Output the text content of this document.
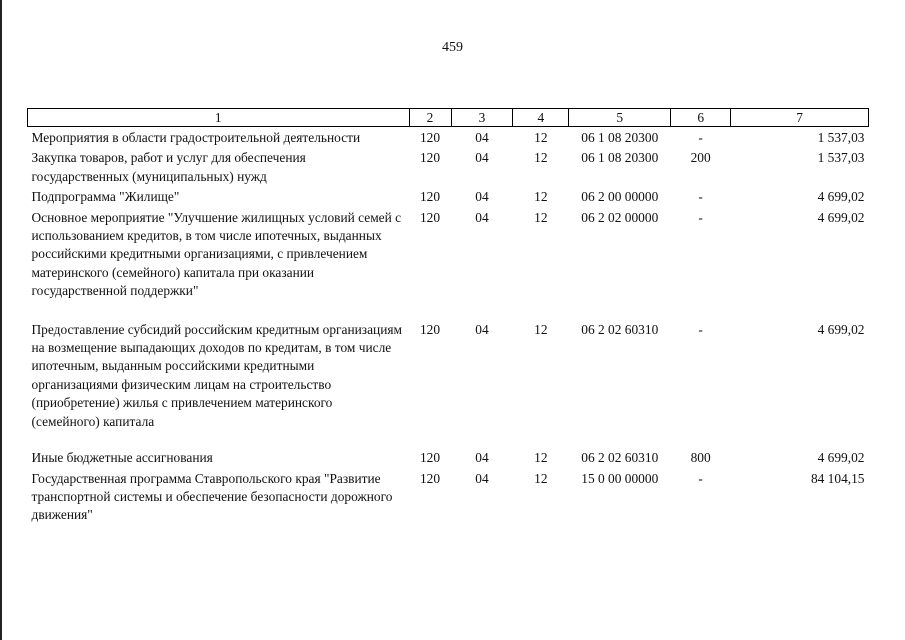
459
1	2	3	4	5	6	7
Мероприятия в области градостроительной деятельности	120	04	12	06 1 08 20300	-	1 537,03
Закупка товаров, работ и услуг для обеспечения государственных (муниципальных) нужд	120	04	12	06 1 08 20300	200	1 537,03
Подпрограмма "Жилище"	120	04	12	06 2 00 00000	-	4 699,02
Основное мероприятие "Улучшение жилищных условий семей с использованием кредитов, в том числе ипотечных, выданных российскими кредитными организациями, с привлечением материнского (семейного) капитала при оказании государственной поддержки"	120	04	12	06 2 02 00000	-	4 699,02
Предоставление субсидий российским кредитным организациям на возмещение выпадающих доходов по кредитам, в том числе ипотечным, выданным российскими кредитными организациями физическим лицам на строительство (приобретение) жилья с привлечением материнского (семейного) капитала	120	04	12	06 2 02 60310	-	4 699,02
Иные бюджетные ассигнования	120	04	12	06 2 02 60310	800	4 699,02
Государственная программа Ставропольского края "Развитие транспортной системы и обеспечение безопасности дорожного движения"	120	04	12	15 0 00 00000	-	84 104,15
